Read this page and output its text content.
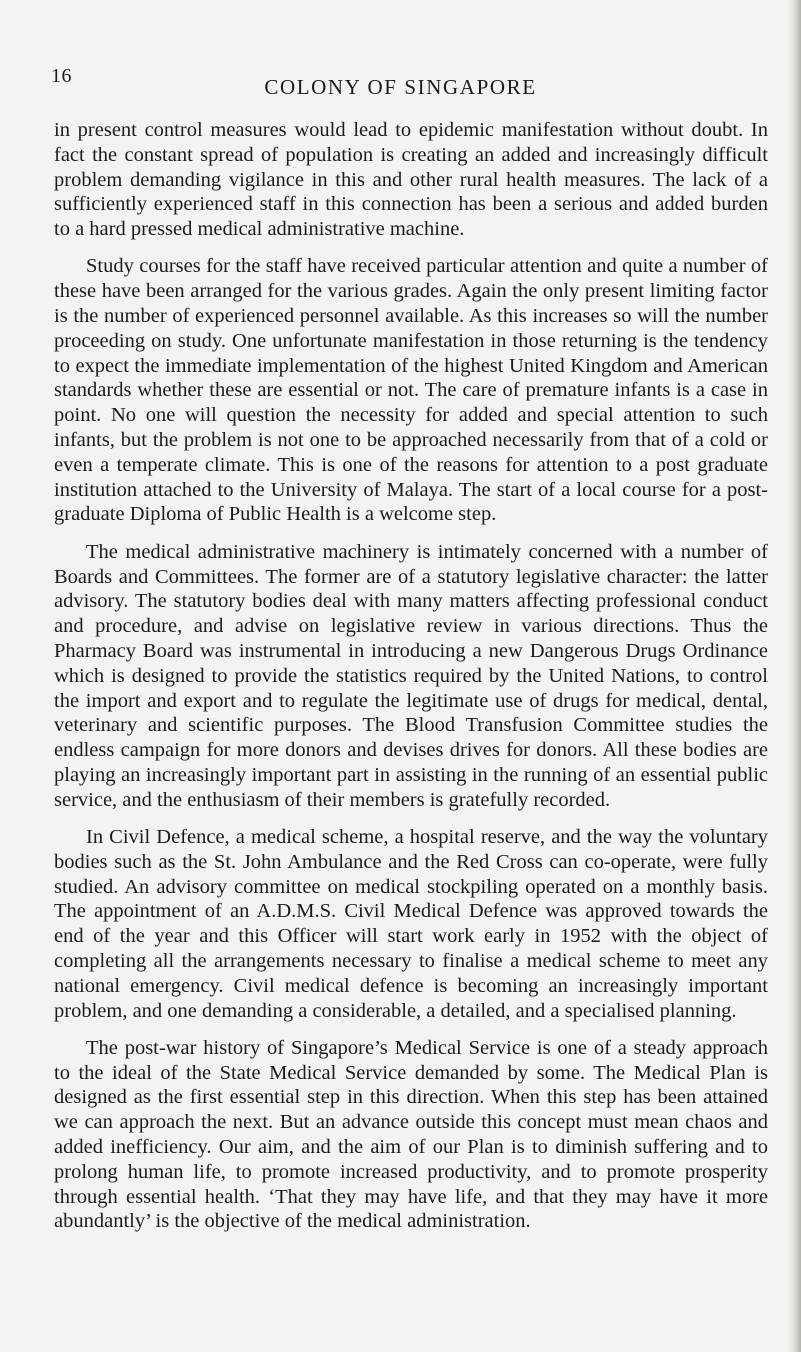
16	COLONY OF SINGAPORE

in present control measures would lead to epidemic manifestation without doubt. In fact the constant spread of population is creating an added and increasingly difficult problem demanding vigilance in this and other rural health measures. The lack of a sufficiently experienced staff in this connection has been a serious and added burden to a hard pressed medical administrative machine.

Study courses for the staff have received particular attention and quite a number of these have been arranged for the various grades. Again the only present limiting factor is the number of experienced personnel available. As this increases so will the number proceeding on study. One unfortunate manifestation in those returning is the tendency to expect the immediate implementation of the highest United Kingdom and American standards whether these are essential or not. The care of premature infants is a case in point. No one will question the necessity for added and special attention to such infants, but the problem is not one to be approached necessarily from that of a cold or even a temperate climate. This is one of the reasons for attention to a post graduate institution attached to the University of Malaya. The start of a local course for a post-graduate Diploma of Public Health is a welcome step.

The medical administrative machinery is intimately concerned with a number of Boards and Committees. The former are of a statutory legislative character: the latter advisory. The statutory bodies deal with many matters affecting professional conduct and procedure, and advise on legislative review in various directions. Thus the Pharmacy Board was instrumental in introducing a new Dangerous Drugs Ordinance which is designed to provide the statistics required by the United Nations, to control the import and export and to regulate the legitimate use of drugs for medical, dental, veterinary and scientific purposes. The Blood Transfusion Committee studies the endless campaign for more donors and devises drives for donors. All these bodies are playing an increasingly important part in assisting in the running of an essential public service, and the enthusiasm of their members is gratefully recorded.

In Civil Defence, a medical scheme, a hospital reserve, and the way the voluntary bodies such as the St. John Ambulance and the Red Cross can co-operate, were fully studied. An advisory committee on medical stockpiling operated on a monthly basis. The appointment of an A.D.M.S. Civil Medical Defence was approved towards the end of the year and this Officer will start work early in 1952 with the object of completing all the arrangements necessary to finalise a medical scheme to meet any national emergency. Civil medical defence is becoming an increasingly important problem, and one demanding a considerable, a detailed, and a specialised planning.

The post-war history of Singapore’s Medical Service is one of a steady approach to the ideal of the State Medical Service demanded by some. The Medical Plan is designed as the first essential step in this direction. When this step has been attained we can approach the next. But an advance outside this concept must mean chaos and added inefficiency. Our aim, and the aim of our Plan is to diminish suffering and to prolong human life, to promote increased productivity, and to promote prosperity through essential health. ‘That they may have life, and that they may have it more abundantly’ is the objective of the medical administration.
